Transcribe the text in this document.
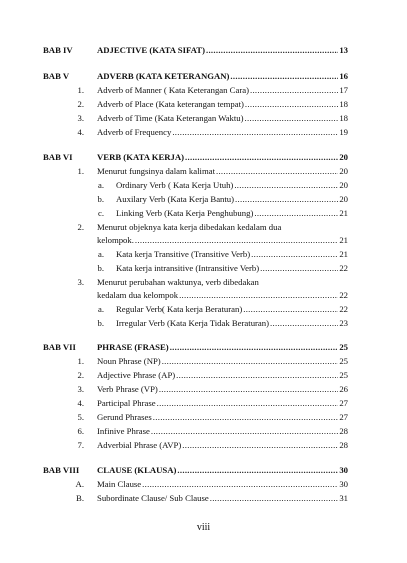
BAB IV	ADJECTIVE (KATA SIFAT) .....	13
BAB V	ADVERB (KATA KETERANGAN) .....	16
1. Adverb of Manner ( Kata Keterangan Cara) .....	17
2. Adverb of Place (Kata keterangan tempat) .....	18
3. Adverb of Time (Kata Keterangan Waktu) .....	18
4. Adverb of Frequency .....	19
BAB VI	VERB (KATA KERJA) .....	20
1. Menurut fungsinya dalam kalimat .....	20
a. Ordinary Verb ( Kata Kerja Utuh) .....	20
b. Auxilary Verb (Kata Kerja Bantu) .....	20
c. Linking Verb (Kata Kerja Penghubung) .....	21
2. Menurut objeknya kata kerja dibedakan kedalam dua
kelompok. .....	21
a. Kata kerja Transitive (Transitive Verb) .....	21
b. Kata kerja intransitive (Intransitive Verb) .....	22
3. Menurut perubahan waktunya, verb dibedakan
kedalam dua kelompok .....	22
a. Regular Verb( Kata kerja Beraturan) .....	22
b. Irregular Verb (Kata Kerja Tidak Beraturan) .....	23
BAB VII PHRASE (FRASE) .....	25
1. Noun Phrase (NP) .....	25
2. Adjective Phrase (AP) .....	25
3. Verb Phrase (VP) .....	26
4. Participal Phrase .....	27
5. Gerund Phrases .....	27
6. Infinive Phrase .....	28
7. Adverbial Phrase (AVP) .....	28
BAB VIII CLAUSE (KLAUSA) .....	30
A. Main Clause .....	30
B. Subordinate Clause/ Sub Clause .....	31
viii
